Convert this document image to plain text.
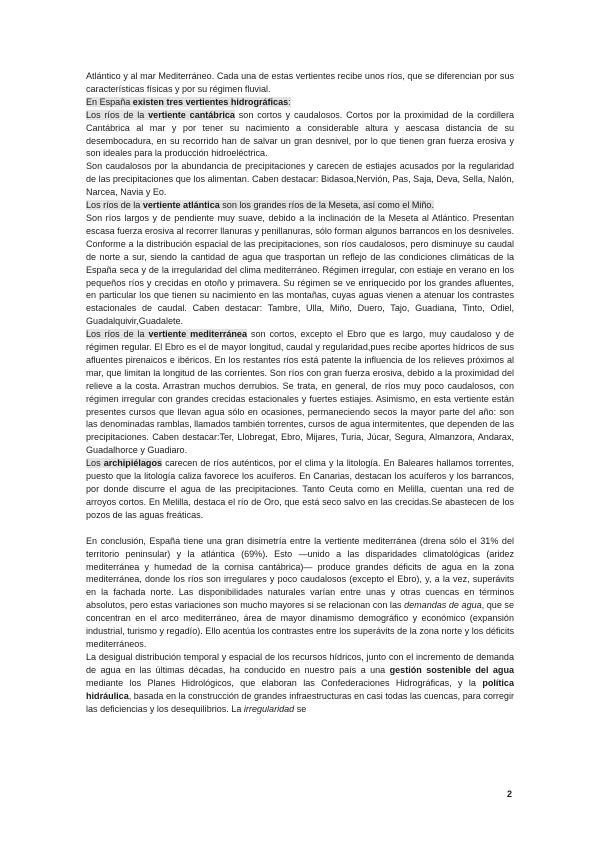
Atlántico y al mar Mediterráneo. Cada una de estas vertientes recibe unos ríos, que se diferencian por sus características físicas y por su régimen fluvial.

En España existen tres vertientes hidrográficas:

Los ríos de la vertiente cantábrica son cortos y caudalosos. Cortos por la proximidad de la cordillera Cantábrica al mar y por tener su nacimiento a considerable altura y aescasa distancia de su desembocadura, en su recorrido han de salvar un gran desnivel, por lo que tienen gran fuerza erosiva y son ideales para la producción hidroeléctrica.

Son caudalosos por la abundancia de precipitaciones y carecen de estiajes acusados por la regularidad de las precipitaciones que los alimentan. Caben destacar: Bidasoa,Nervión, Pas, Saja, Deva, Sella, Nalón, Narcea, Navia y Eo.

Los ríos de la vertiente atlántica son los grandes ríos de la Meseta, así como el Miño.

Son ríos largos y de pendiente muy suave, debido a la inclinación de la Meseta al Atlántico. Presentan escasa fuerza erosiva al recorrer llanuras y penillanuras, sólo forman algunos barrancos en los desniveles. Conforme a la distribución espacial de las precipitaciones, son ríos caudalosos, pero disminuye su caudal de norte a sur, siendo la cantidad de agua que trasportan un reflejo de las condiciones climáticas de la España seca y de la irregularidad del clima mediterráneo. Régimen irregular, con estiaje en verano en los pequeños ríos y crecidas en otoño y primavera. Su régimen se ve enriquecido por los grandes afluentes, en particular los que tienen su nacimiento en las montañas, cuyas aguas vienen a atenuar los contrastes estacionales de caudal. Caben destacar: Tambre, Ulla, Miño, Duero, Tajo, Guadiana, Tinto, Odiel, Guadalquivir,Guadalete.

Los ríos de la vertiente mediterránea son cortos, excepto el Ebro que es largo, muy caudaloso y de régimen regular. El Ebro es el de mayor longitud, caudal y regularidad,pues recibe aportes hídricos de sus afluentes pirenaicos e ibéricos. En los restantes ríos está patente la influencia de los relieves próximos al mar, que limitan la longitud de las corrientes. Son ríos con gran fuerza erosiva, debido a la proximidad del relieve a la costa. Arrastran muchos derrubios. Se trata, en general, de ríos muy poco caudalosos, con régimen irregular con grandes crecidas estacionales y fuertes estiajes. Asimismo, en esta vertiente están presentes cursos que llevan agua sólo en ocasiones, permaneciendo secos la mayor parte del año: son las denominadas ramblas, llamados también torrentes, cursos de agua intermitentes, que dependen de las precipitaciones. Caben destacar:Ter, Llobregat, Ebro, Mijares, Turia, Júcar, Segura, Almanzora, Andarax, Guadalhorce y Guadiaro.

Los archipiélagos carecen de ríos auténticos, por el clima y la litología. En Baleares hallamos torrentes, puesto que la litología caliza favorece los acuíferos. En Canarias, destacan los acuíferos y los barrancos, por donde discurre el agua de las precipitaciones. Tanto Ceuta como en Melilla, cuentan una red de arroyos cortos. En Melilla, destaca el río de Oro, que está seco salvo en las crecidas.Se abastecen de los pozos de las aguas freáticas.

En conclusión, España tiene una gran disimetría entre la vertiente mediterránea (drena sólo el 31% del territorio peninsular) y la atlántica (69%). Esto —unido a las disparidades climatológicas (aridez mediterránea y humedad de la cornisa cantábrica)— produce grandes déficits de agua en la zona mediterránea, donde los ríos son irregulares y poco caudalosos (excepto el Ebro), y, a la vez, superávits en la fachada norte. Las disponibilidades naturales varían entre unas y otras cuencas en términos absolutos, pero estas variaciones son mucho mayores si se relacionan con las demandas de agua, que se concentran en el arco mediterráneo, área de mayor dinamismo demográfico y económico (expansión industrial, turismo y regadío). Ello acentúa los contrastes entre los superávits de la zona norte y los déficits mediterráneos.

La desigual distribución temporal y espacial de los recursos hídricos, junto con el incremento de demanda de agua en las últimas décadas, ha conducido en nuestro país a una gestión sostenible del agua mediante los Planes Hidrológicos, que elaboran las Confederaciones Hidrográficas, y la política hidráulica, basada en la construcción de grandes infraestructuras en casi todas las cuencas, para corregir las deficiencias y los desequilibrios. La irregularidad se

2
